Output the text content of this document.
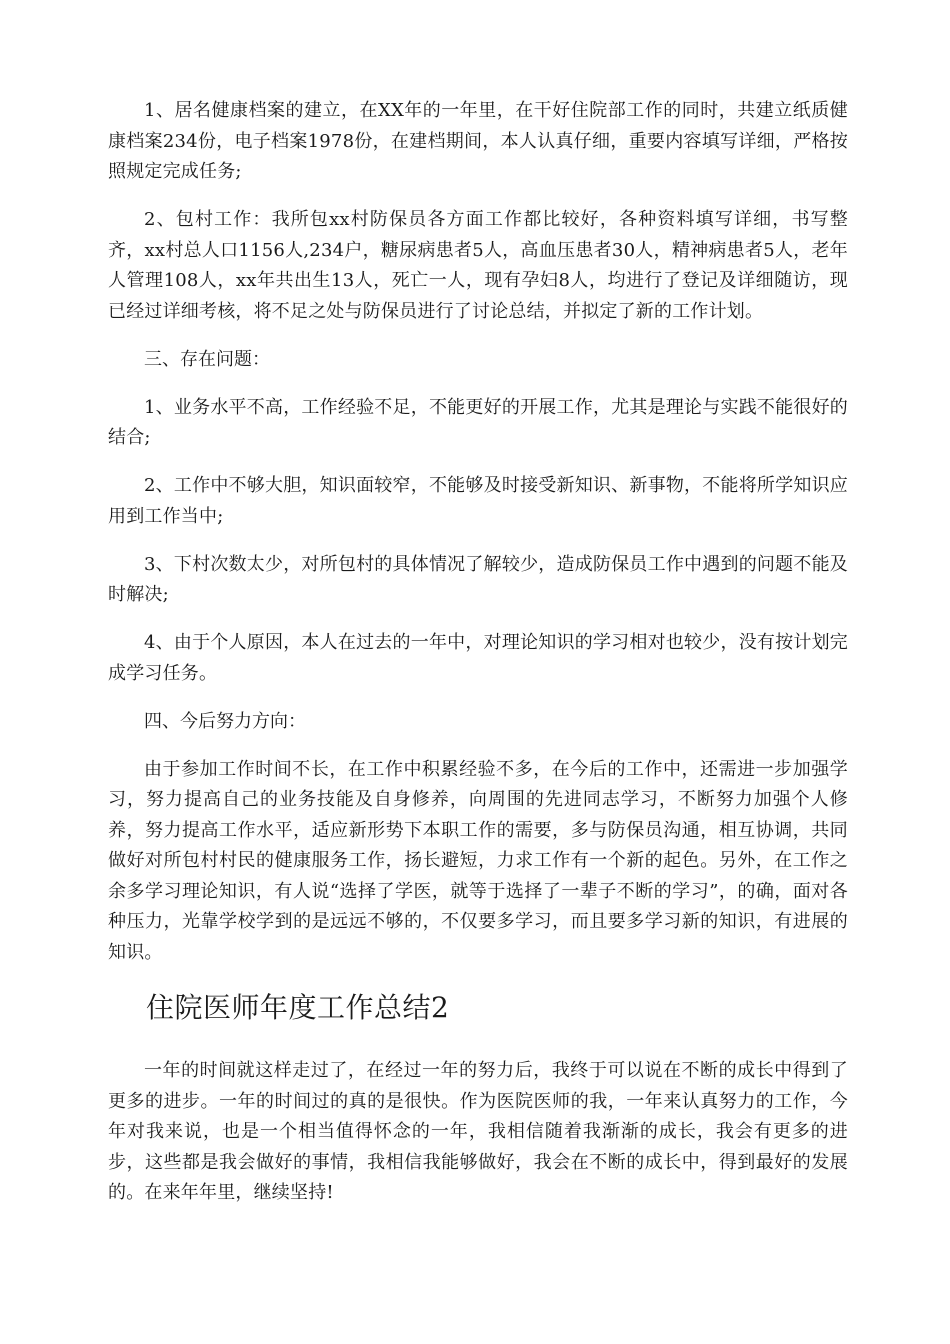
1、居名健康档案的建立，在XX年的一年里，在干好住院部工作的同时，共建立纸质健康档案234份，电子档案1978份，在建档期间，本人认真仔细，重要内容填写详细，严格按照规定完成任务;

2、包村工作：我所包xx村防保员各方面工作都比较好，各种资料填写详细，书写整齐，xx村总人口1156人,234户，糖尿病患者5人，高血压患者30人，精神病患者5人，老年人管理108人，xx年共出生13人，死亡一人，现有孕妇8人，均进行了登记及详细随访，现已经过详细考核，将不足之处与防保员进行了讨论总结，并拟定了新的工作计划。

三、存在问题：

1、业务水平不高，工作经验不足，不能更好的开展工作，尤其是理论与实践不能很好的结合;

2、工作中不够大胆，知识面较窄，不能够及时接受新知识、新事物，不能将所学知识应用到工作当中;

3、下村次数太少，对所包村的具体情况了解较少，造成防保员工作中遇到的问题不能及时解决;

4、由于个人原因，本人在过去的一年中，对理论知识的学习相对也较少，没有按计划完成学习任务。

四、今后努力方向：

由于参加工作时间不长，在工作中积累经验不多，在今后的工作中，还需进一步加强学习，努力提高自己的业务技能及自身修养，向周围的先进同志学习，不断努力加强个人修养，努力提高工作水平，适应新形势下本职工作的需要，多与防保员沟通，相互协调，共同做好对所包村村民的健康服务工作，扬长避短，力求工作有一个新的起色。另外，在工作之余多学习理论知识，有人说“选择了学医，就等于选择了一辈子不断的学习”，的确，面对各种压力，光靠学校学到的是远远不够的，不仅要多学习，而且要多学习新的知识，有进展的知识。

住院医师年度工作总结2

一年的时间就这样走过了，在经过一年的努力后，我终于可以说在不断的成长中得到了更多的进步。一年的时间过的真的是很快。作为医院医师的我，一年来认真努力的工作，今年对我来说，也是一个相当值得怀念的一年，我相信随着我渐渐的成长，我会有更多的进步，这些都是我会做好的事情，我相信我能够做好，我会在不断的成长中，得到最好的发展的。在来年年里，继续坚持!
